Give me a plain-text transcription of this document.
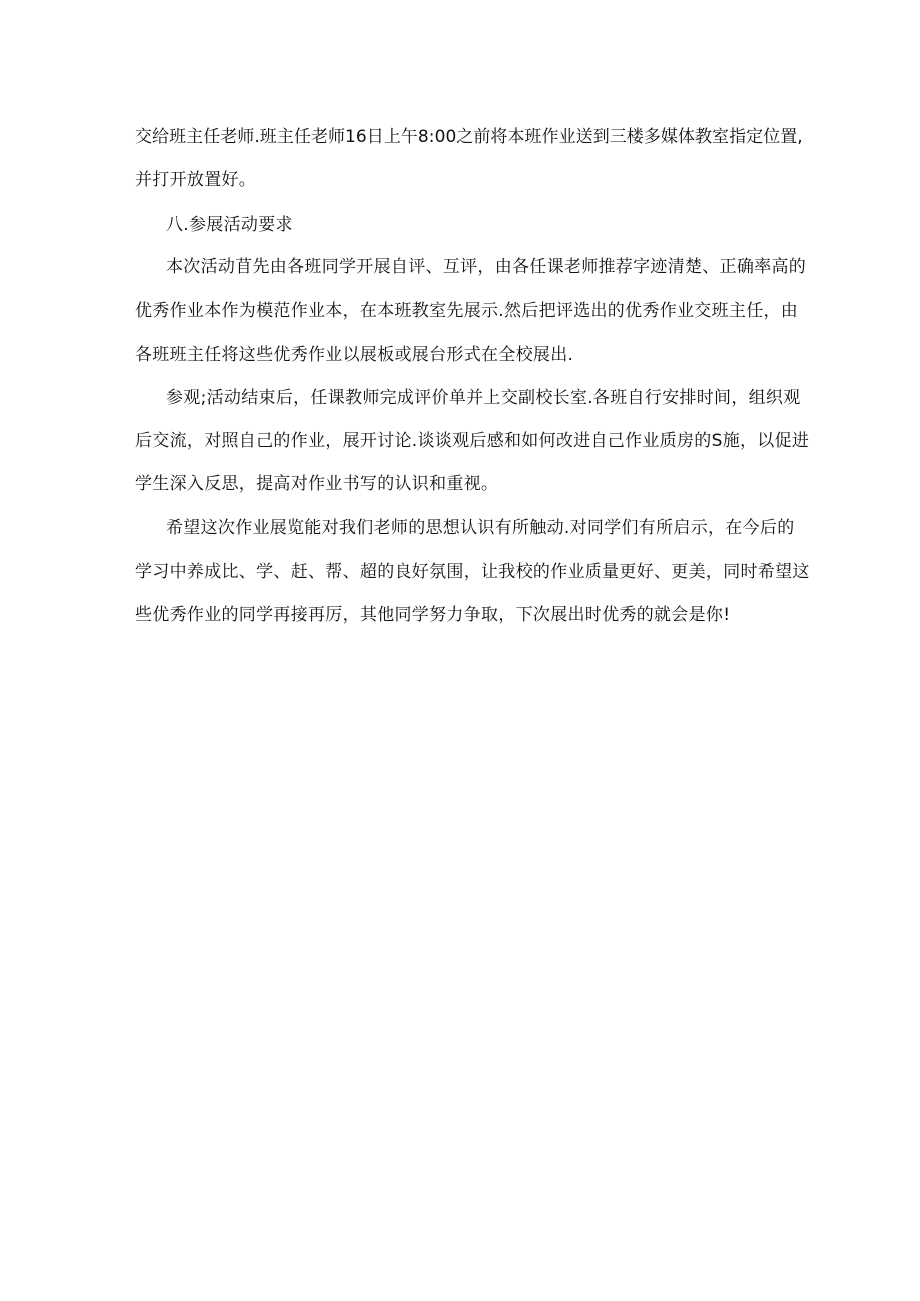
交给班主任老师.班主任老师16日上午8:00之前将本班作业送到三楼多媒体教室指定位置,
并打开放置好。
八.参展活动要求
本次活动苜先由各班同学开展自评、互评，由各任课老师推荐字迹清楚、正确率高的
优秀作业本作为模范作业本，在本班教室先展示.然后把评选出的优秀作业交班主任，由
各班班主任将这些优秀作业以展板或展台形式在全校展出.
参观;活动结束后，任课教师完成评价单并上交副校长室.各班自行安排时间，组织观
后交流，对照自己的作业，展开讨论.谈谈观后感和如何改进自己作业质房的S施，以促进
学生深入反思，提高对作业书写的认识和重视。
希望这次作业展览能对我们老师的思想认识有所触动.对同学们有所启示，在今后的
学习中养成比、学、赶、帮、超的良好氛围，让我校的作业质量更好、更美，同时希望这
些优秀作业的同学再接再厉，其他同学努力争取，下次展出时优秀的就会是你!
